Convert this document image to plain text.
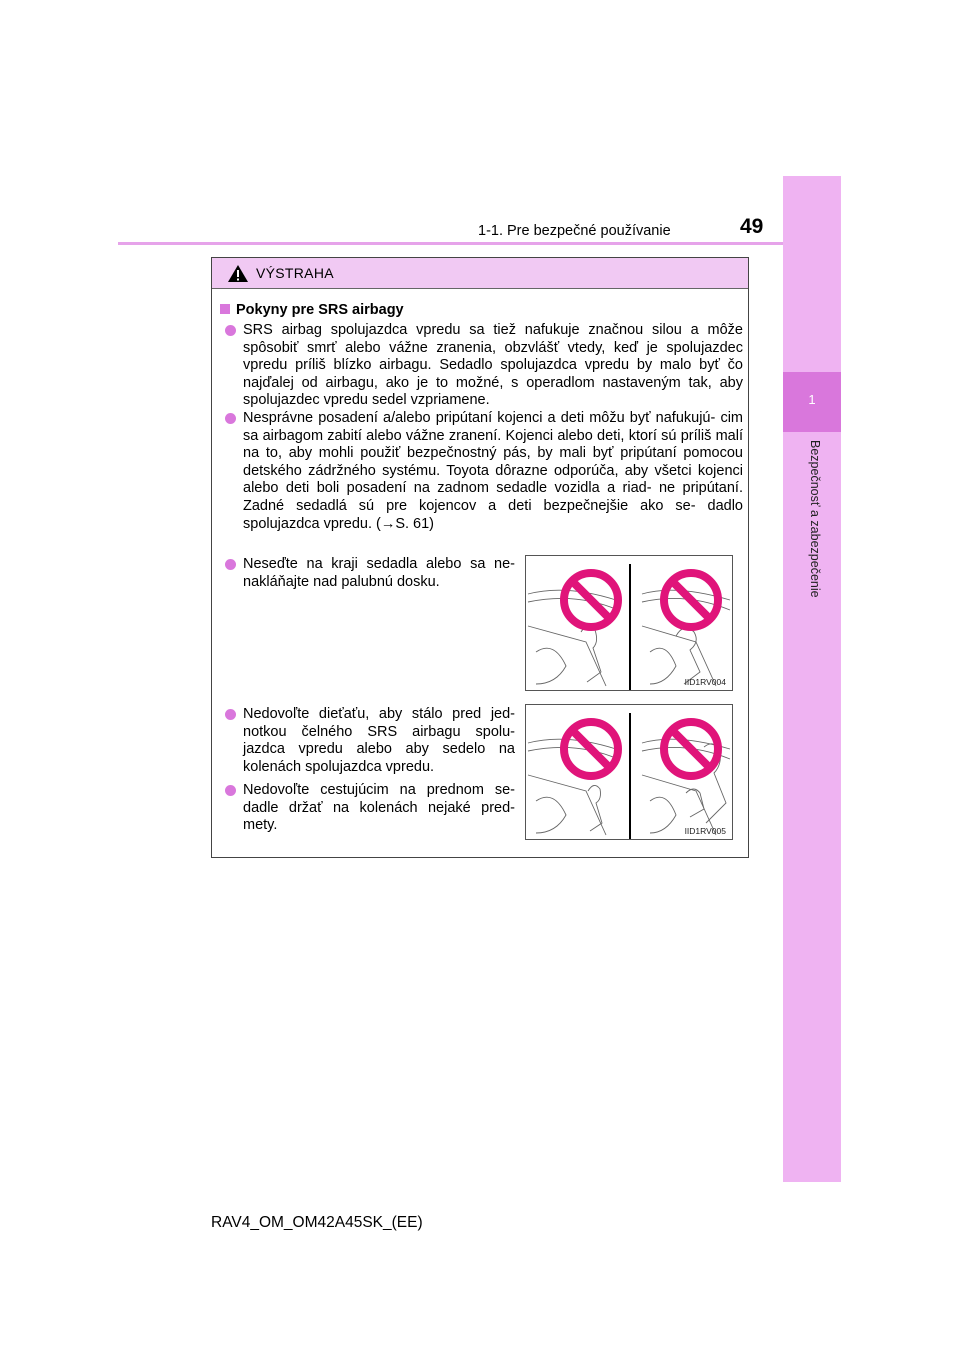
1
Bezpečnosť a zabezpečenie
1-1. Pre bezpečné používanie	49
VÝSTRAHA
Pokyny pre SRS airbagy
SRS airbag spolujazdca vpredu sa tiež nafukuje značnou silou a môže spôsobiť smrť alebo vážne zranenia, obzvlášť vtedy, keď je spolujazdec vpredu príliš blízko airbagu. Sedadlo spolujazdca vpredu by malo byť čo najďalej od airbagu, ako je to možné, s operadlom nastaveným tak, aby spolujazdec vpredu sedel vzpriamene.
Nesprávne posadení a/alebo pripútaní kojenci a deti môžu byť nafukujú- cim sa airbagom zabití alebo vážne zranení. Kojenci alebo deti, ktorí sú príliš malí na to, aby mohli použiť bezpečnostný pás, by mali byť pripútaní pomocou detského zádržného systému. Toyota dôrazne odporúča, aby všetci kojenci alebo deti boli posadení na zadnom sedadle vozidla a riad- ne pripútaní. Zadné sedadlá sú pre kojencov a deti bezpečnejšie ako se- dadlo spolujazdca vpredu. (→S. 61)
Neseďte na kraji sedadla alebo sa ne- nakláňajte nad palubnú dosku.
Nedovoľte dieťaťu, aby stálo pred jed- notkou čelného SRS airbagu spolu- jazdca vpredu alebo aby sedelo na kolenách spolujazdca vpredu.
Nedovoľte cestujúcim na prednom se- dadle držať na kolenách nejaké pred- mety.
IID1RV004
IID1RV005
RAV4_OM_OM42A45SK_(EE)
